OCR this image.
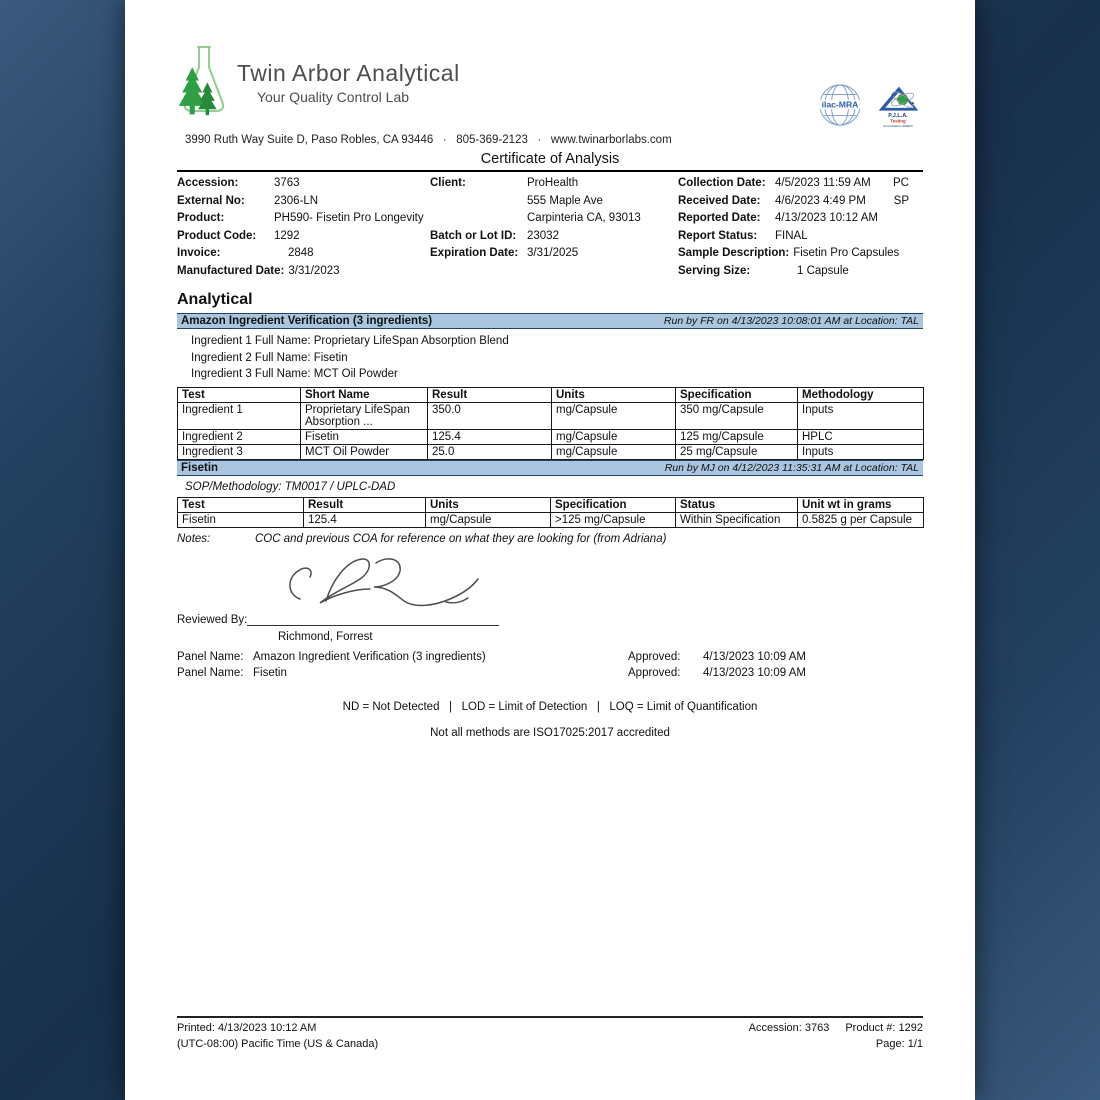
Twin Arbor Analytical
Your Quality Control Lab	ilac-MRA
P.J.L.A.
Testing
Accreditation #99823
3990 Ruth Way Suite D, Paso Robles, CA 93446   ·   805-369-2123   ·   www.twinarborlabs.com
Certificate of Analysis
Accession:	3763
External No:	2306-LN
Product:	PH590- Fisetin Pro Longevity
Product Code:	1292
Invoice:	2848
Manufactured Date: 3/31/2023
Client:	ProHealth
555 Maple Ave
Carpinteria CA, 93013
Batch or Lot ID: 23032
Expiration Date: 3/31/2025
Collection Date: 4/5/2023 11:59 AM PC
Received Date:	4/6/2023 4:49 PM SP
Reported Date:	4/13/2023 10:12 AM
Report Status:	FINAL
Sample Description: Fisetin Pro Capsules
Serving Size:	1 Capsule
Analytical
Amazon Ingredient Verification (3 ingredients)	Run by FR on 4/13/2023 10:08:01 AM at Location: TAL
Ingredient 1 Full Name: Proprietary LifeSpan Absorption Blend
Ingredient 2 Full Name: Fisetin
Ingredient 3 Full Name: MCT Oil Powder
Test	Short Name	Result	Units	Specification	Methodology
Ingredient 1	Proprietary LifeSpan Absorption ...	350.0	mg/Capsule	350 mg/Capsule	Inputs
Ingredient 2	Fisetin	125.4	mg/Capsule	125 mg/Capsule	HPLC
Ingredient 3	MCT Oil Powder	25.0	mg/Capsule	25 mg/Capsule	Inputs
Fisetin	Run by MJ on 4/12/2023 11:35:31 AM at Location: TAL
SOP/Methodology: TM0017 / UPLC-DAD
Test	Result	Units	Specification	Status	Unit wt in grams
Fisetin	125.4	mg/Capsule	>125 mg/Capsule	Within Specification	0.5825 g per Capsule
Notes:	COC and previous COA for reference on what they are looking for (from Adriana)
Reviewed By:
Richmond, Forrest
Panel Name: Amazon Ingredient Verification (3 ingredients)	Approved:	4/13/2023 10:09 AM
Panel Name: Fisetin	Approved:	4/13/2023 10:09 AM
ND = Not Detected   |   LOD = Limit of Detection   |   LOQ = Limit of Quantification
Not all methods are ISO17025:2017 accredited
Printed: 4/13/2023 10:12 AM
(UTC-08:00) Pacific Time (US & Canada)
Accession: 3763 Product #: 1292
Page: 1/1
